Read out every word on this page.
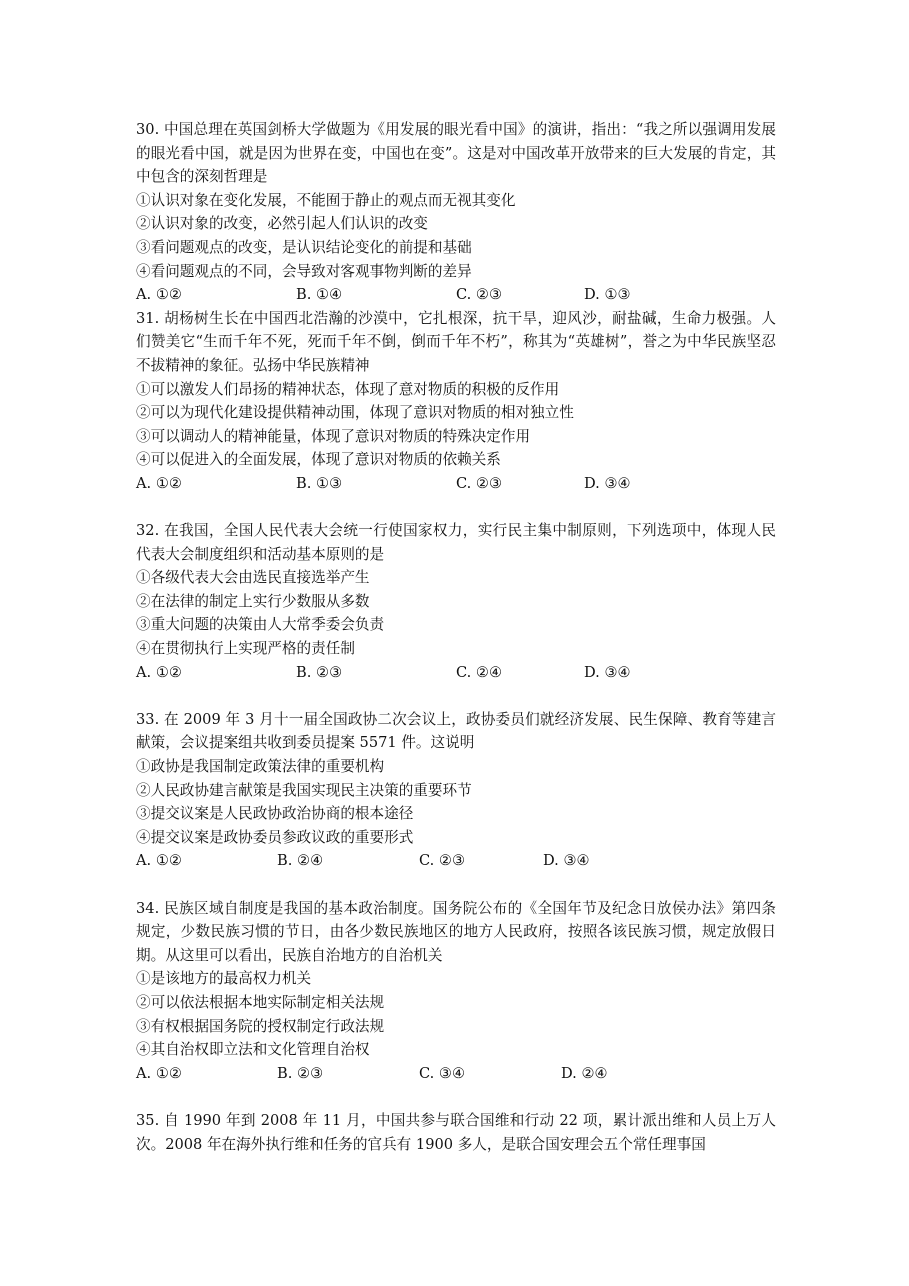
30. 中国总理在英国剑桥大学做题为《用发展的眼光看中国》的演讲，指出：“我之所以强调用发展的眼光看中国，就是因为世界在变，中国也在变”。这是对中国改革开放带来的巨大发展的肯定，其中包含的深刻哲理是

①认识对象在变化发展，不能囿于静止的观点而无视其变化

②认识对象的改变，必然引起人们认识的改变

③看问题观点的改变，是认识结论变化的前提和基础

④看问题观点的不同，会导致对客观事物判断的差异

A. ①②	B. ①④	C. ②③	D. ①③

31. 胡杨树生长在中国西北浩瀚的沙漠中，它扎根深，抗干旱，迎风沙，耐盐碱，生命力极强。人们赞美它“生而千年不死，死而千年不倒，倒而千年不朽”，称其为“英雄树”，誉之为中华民族坚忍不拔精神的象征。弘扬中华民族精神

①可以激发人们昂扬的精神状态，体现了意对物质的积极的反作用

②可以为现代化建设提供精神动围，体现了意识对物质的相对独立性

③可以调动人的精神能量，体现了意识对物质的特殊决定作用

④可以促进入的全面发展，体现了意识对物质的依赖关系

A. ①②	B. ①③	C. ②③	D. ③④

32. 在我国，全国人民代表大会统一行使国家权力，实行民主集中制原则，下列选项中，体现人民代表大会制度组织和活动基本原则的是

①各级代表大会由选民直接选举产生

②在法律的制定上实行少数服从多数

③重大问题的决策由人大常季委会负责

④在贯彻执行上实现严格的责任制

A. ①②	B. ②③	C. ②④	D. ③④

33. 在 2009 年 3 月十一届全国政协二次会议上，政协委员们就经济发展、民生保障、教育等建言献策，会议提案组共收到委员提案 5571 件。这说明

①政协是我国制定政策法律的重要机构

②人民政协建言献策是我国实现民主决策的重要环节

③提交议案是人民政协政治协商的根本途径

④提交议案是政协委员参政议政的重要形式

A. ①②	B. ②④	C. ②③	D. ③④

34. 民族区域自制度是我国的基本政治制度。国务院公布的《全国年节及纪念日放侯办法》第四条规定，少数民族习惯的节日，由各少数民族地区的地方人民政府，按照各该民族习惯，规定放假日期。从这里可以看出，民族自治地方的自治机关

①是该地方的最高权力机关

②可以依法根据本地实际制定相关法规

③有权根据国务院的授权制定行政法规

④其自治权即立法和文化管理自治权

A. ①②	B. ②③	C. ③④	D. ②④

35. 自 1990 年到 2008 年 11 月，中国共参与联合国维和行动 22 项，累计派出维和人员上万人次。2008 年在海外执行维和任务的官兵有 1900 多人，是联合国安理会五个常任理事国
